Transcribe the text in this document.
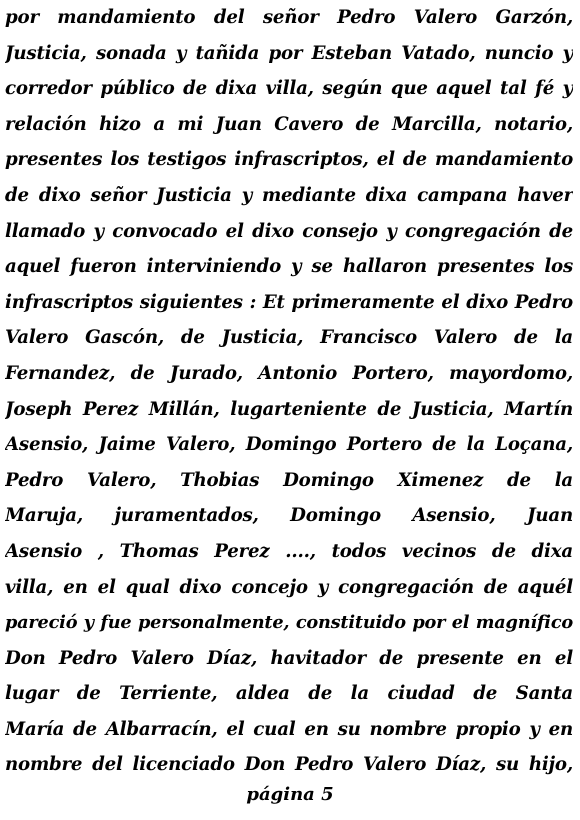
por mandamiento del señor Pedro Valero Garzón,
Justicia, sonada y tañida por Esteban Vatado, nuncio y
corredor público de dixa villa, según que aquel tal fé y
relación hizo a mi Juan Cavero de Marcilla, notario,
presentes los testigos infrascriptos, el de mandamiento
de dixo señor Justicia y mediante dixa campana haver
llamado y convocado el dixo consejo y congregación de
aquel fueron interviniendo y se hallaron presentes los
infrascriptos siguientes : Et primeramente el dixo Pedro
Valero Gascón, de Justicia, Francisco Valero de la
Fernandez, de Jurado, Antonio Portero, mayordomo,
Joseph Perez Millán, lugarteniente de Justicia, Martín
Asensio, Jaime Valero, Domingo Portero de la Loçana,
Pedro Valero, Thobias Domingo Ximenez de la
Maruja, juramentados, Domingo Asensio, Juan
Asensio , Thomas Perez ...., todos vecinos de dixa
villa, en el qual dixo concejo y congregación de aquél
pareció y fue personalmente, constituido por el magnífico
Don Pedro Valero Díaz, havitador de presente en el
lugar de Terriente, aldea de la ciudad de Santa
María de Albarracín, el cual en su nombre propio y en
nombre del licenciado Don Pedro Valero Díaz, su hijo,
página 5
